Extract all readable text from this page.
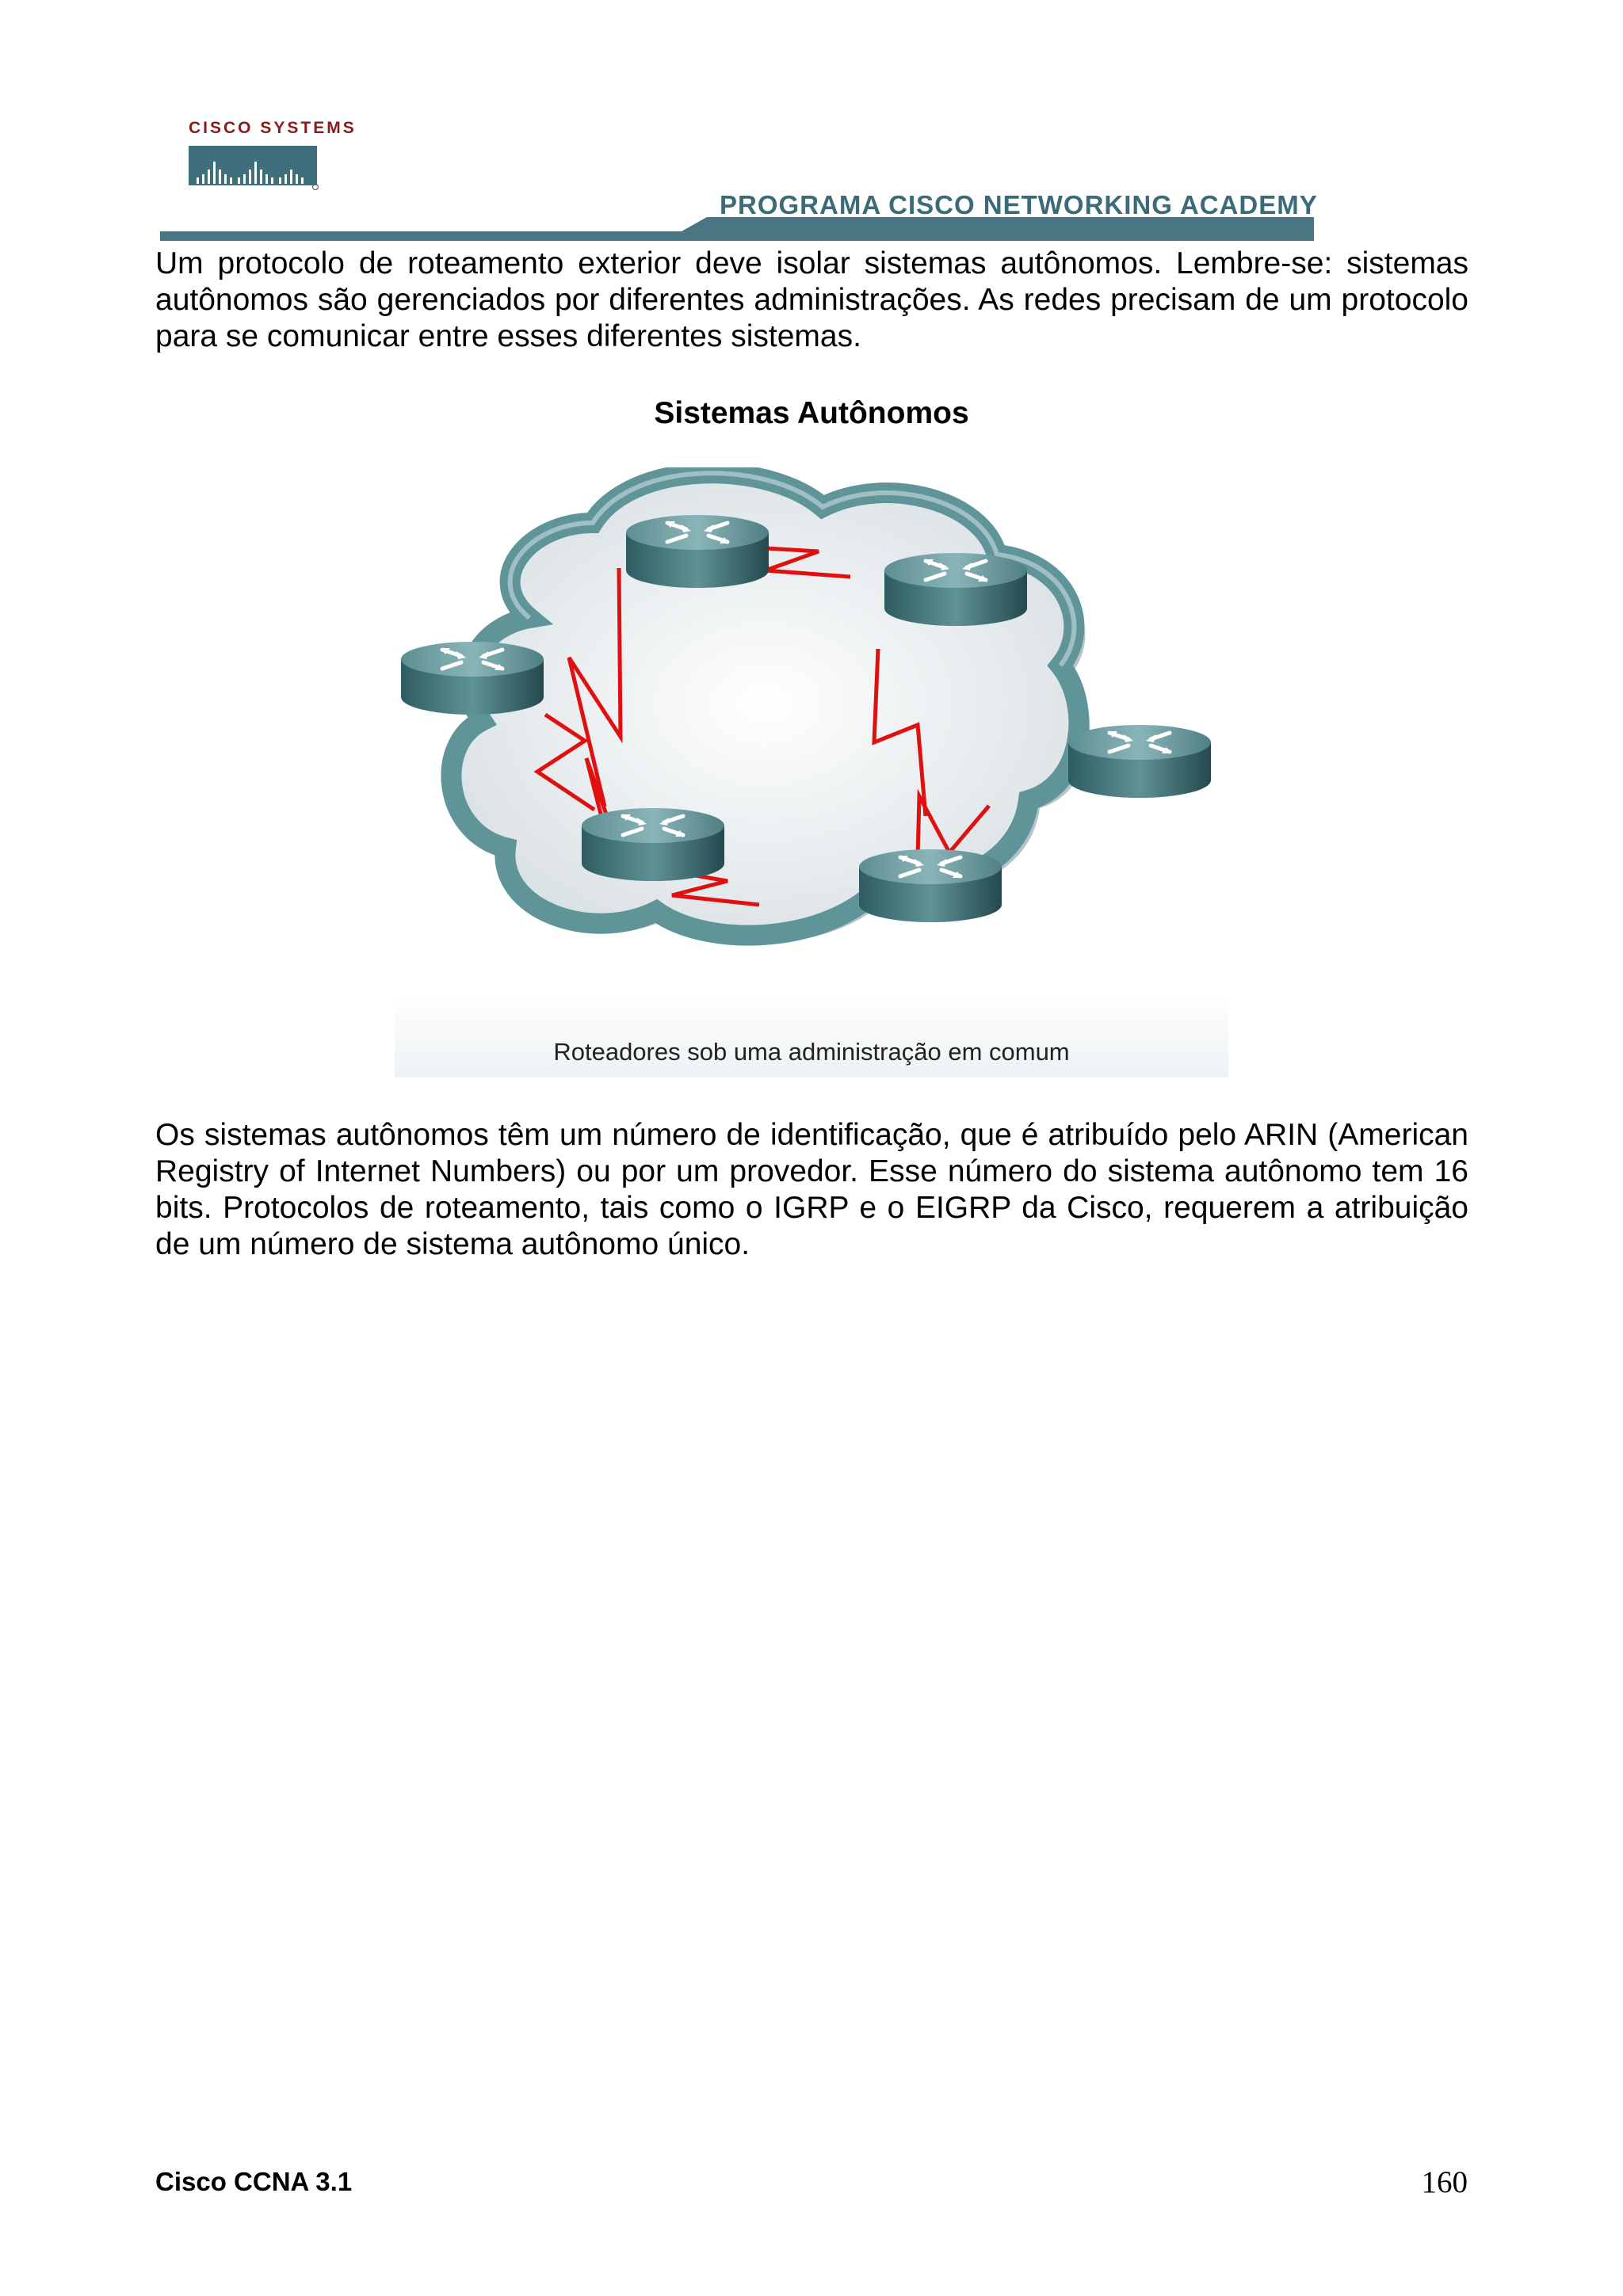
CISCO SYSTEMS
PROGRAMA CISCO NETWORKING ACADEMY
Um protocolo de roteamento exterior deve isolar sistemas autônomos. Lembre-se: sistemas autônomos são gerenciados por diferentes administrações. As redes precisam de um protocolo para se comunicar entre esses diferentes sistemas.
Sistemas Autônomos
Roteadores sob uma administração em comum
Os sistemas autônomos têm um número de identificação, que é atribuído pelo ARIN (American Registry of Internet Numbers) ou por um provedor. Esse número do sistema autônomo tem 16 bits. Protocolos de roteamento, tais como o IGRP e o EIGRP da Cisco, requerem a atribuição de um número de sistema autônomo único.
Cisco CCNA 3.1	160
